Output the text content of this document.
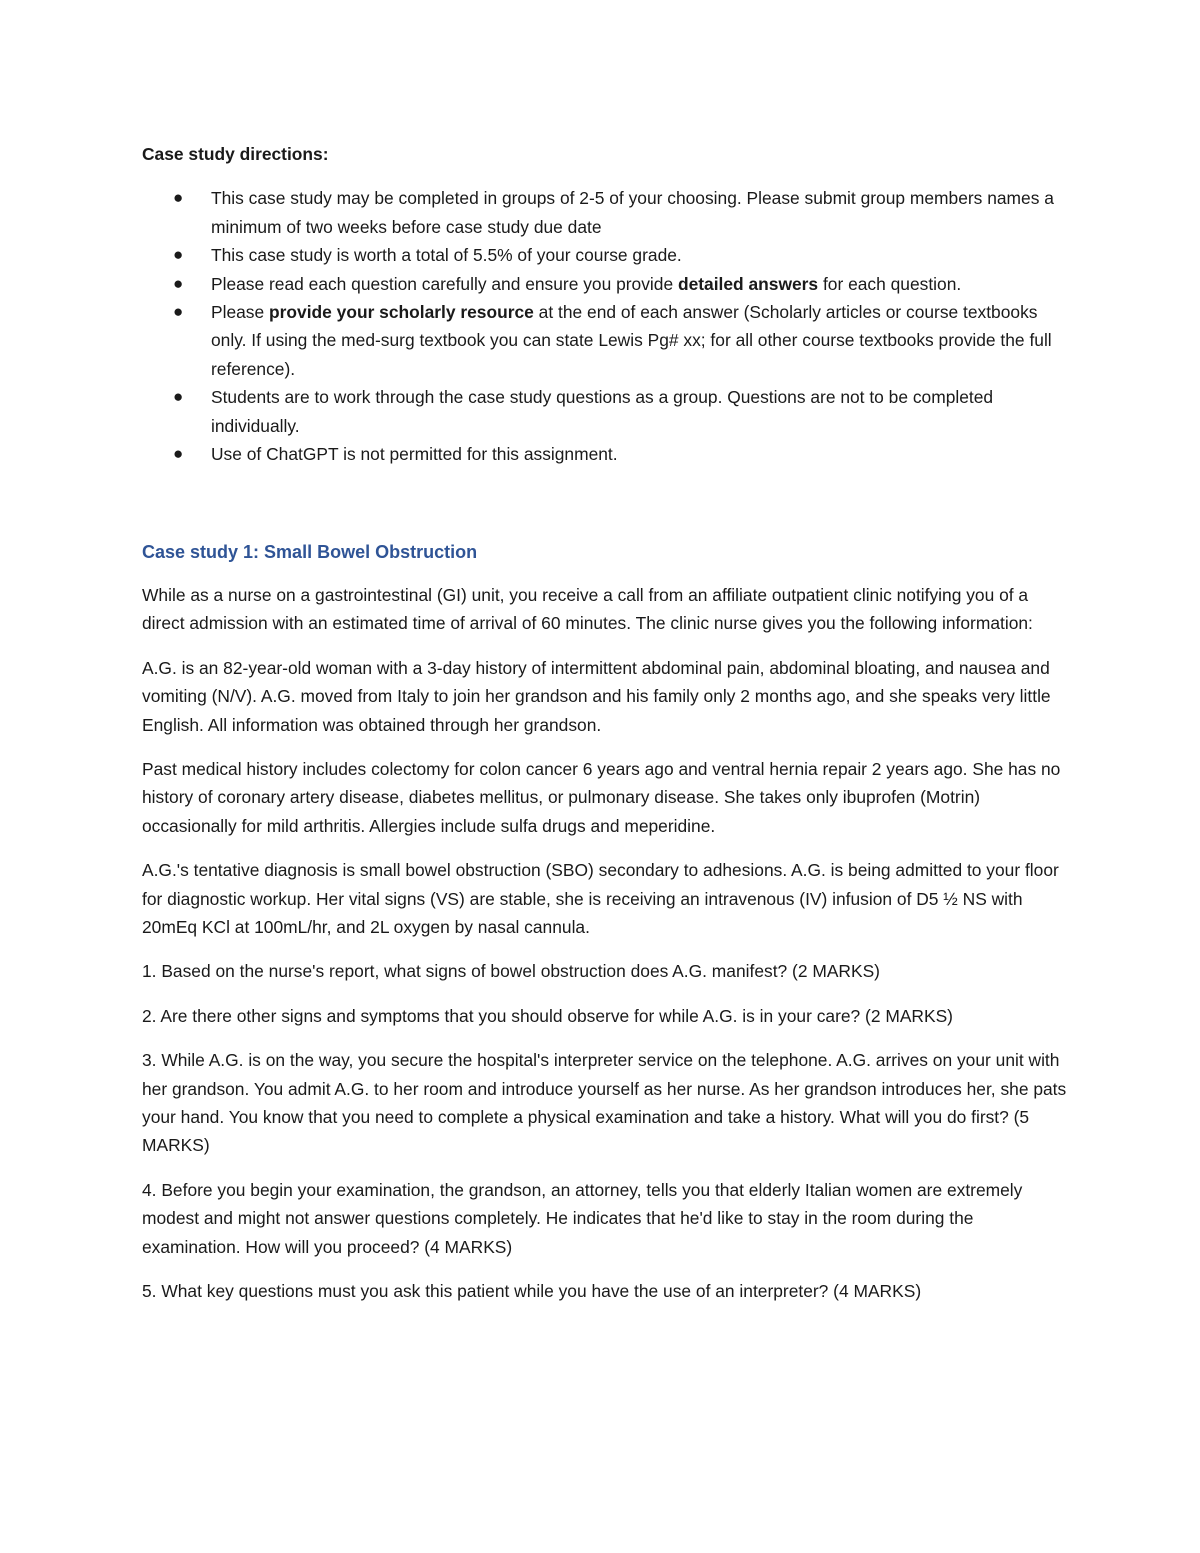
Case study directions:
● This case study may be completed in groups of 2-5 of your choosing. Please submit group members names a minimum of two weeks before case study due date
● This case study is worth a total of 5.5% of your course grade.
● Please read each question carefully and ensure you provide detailed answers for each question.
● Please provide your scholarly resource at the end of each answer (Scholarly articles or course textbooks only. If using the med-surg textbook you can state Lewis Pg# xx; for all other course textbooks provide the full reference).
● Students are to work through the case study questions as a group. Questions are not to be completed individually.
● Use of ChatGPT is not permitted for this assignment.
Case study 1: Small Bowel Obstruction

While as a nurse on a gastrointestinal (GI) unit, you receive a call from an affiliate outpatient clinic notifying you of a direct admission with an estimated time of arrival of 60 minutes. The clinic nurse gives you the following information:

A.G. is an 82-year-old woman with a 3-day history of intermittent abdominal pain, abdominal bloating, and nausea and vomiting (N/V). A.G. moved from Italy to join her grandson and his family only 2 months ago, and she speaks very little English. All information was obtained through her grandson.

Past medical history includes colectomy for colon cancer 6 years ago and ventral hernia repair 2 years ago. She has no history of coronary artery disease, diabetes mellitus, or pulmonary disease. She takes only ibuprofen (Motrin) occasionally for mild arthritis. Allergies include sulfa drugs and meperidine.

A.G.'s tentative diagnosis is small bowel obstruction (SBO) secondary to adhesions. A.G. is being admitted to your floor for diagnostic workup. Her vital signs (VS) are stable, she is receiving an intravenous (IV) infusion of D5 ½ NS with 20mEq KCl at 100mL/hr, and 2L oxygen by nasal cannula.

1. Based on the nurse's report, what signs of bowel obstruction does A.G. manifest? (2 MARKS)

2. Are there other signs and symptoms that you should observe for while A.G. is in your care? (2 MARKS)

3. While A.G. is on the way, you secure the hospital's interpreter service on the telephone. A.G. arrives on your unit with her grandson. You admit A.G. to her room and introduce yourself as her nurse. As her grandson introduces her, she pats your hand. You know that you need to complete a physical examination and take a history. What will you do first? (5 MARKS)

4. Before you begin your examination, the grandson, an attorney, tells you that elderly Italian women are extremely modest and might not answer questions completely. He indicates that he'd like to stay in the room during the examination. How will you proceed? (4 MARKS)

5. What key questions must you ask this patient while you have the use of an interpreter? (4 MARKS)
